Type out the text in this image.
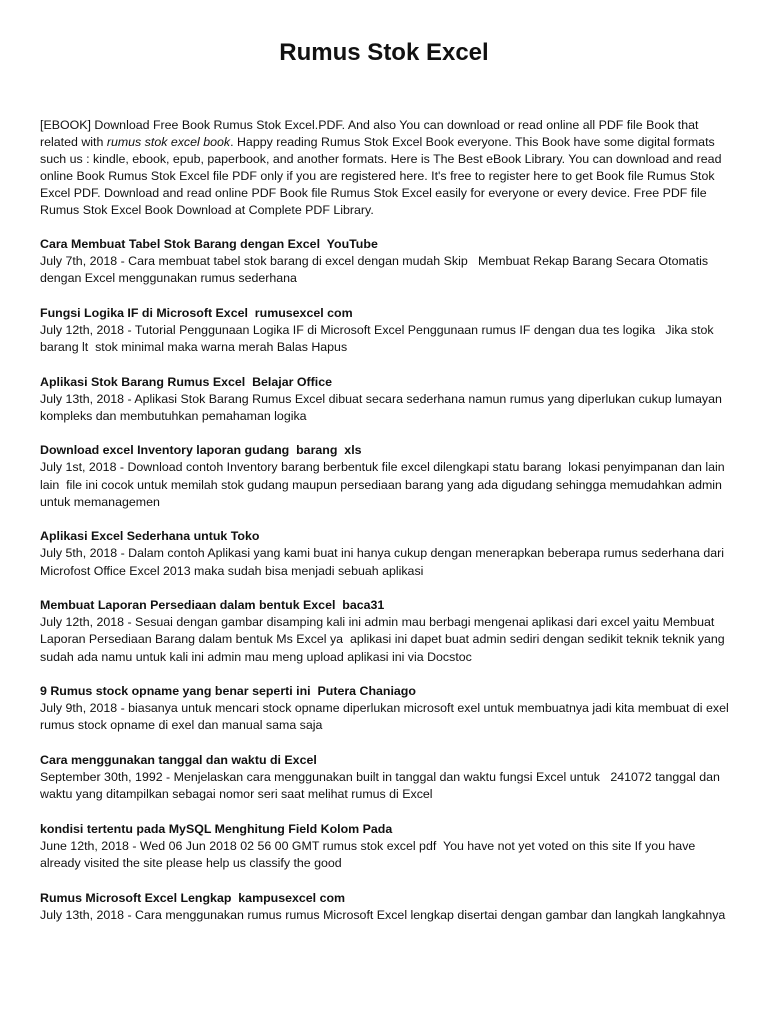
Rumus Stok Excel

[EBOOK] Download Free Book Rumus Stok Excel.PDF. And also You can download or read online all PDF file Book that related with rumus stok excel book. Happy reading Rumus Stok Excel Book everyone. This Book have some digital formats such us : kindle, ebook, epub, paperbook, and another formats. Here is The Best eBook Library. You can download and read online Book Rumus Stok Excel file PDF only if you are registered here. It's free to register here to get Book file Rumus Stok Excel PDF. Download and read online PDF Book file Rumus Stok Excel easily for everyone or every device. Free PDF file Rumus Stok Excel Book Download at Complete PDF Library.

Cara Membuat Tabel Stok Barang dengan Excel  YouTube

July 7th, 2018 - Cara membuat tabel stok barang di excel dengan mudah Skip   Membuat Rekap Barang Secara Otomatis dengan Excel menggunakan rumus sederhana

Fungsi Logika IF di Microsoft Excel  rumusexcel com

July 12th, 2018 - Tutorial Penggunaan Logika IF di Microsoft Excel Penggunaan rumus IF dengan dua tes logika   Jika stok barang lt  stok minimal maka warna merah Balas Hapus

Aplikasi Stok Barang Rumus Excel  Belajar Office

July 13th, 2018 - Aplikasi Stok Barang Rumus Excel dibuat secara sederhana namun rumus yang diperlukan cukup lumayan kompleks dan membutuhkan pemahaman logika

Download excel Inventory laporan gudang  barang  xls

July 1st, 2018 - Download contoh Inventory barang berbentuk file excel dilengkapi statu barang  lokasi penyimpanan dan lain lain  file ini cocok untuk memilah stok gudang maupun persediaan barang yang ada digudang sehingga memudahkan admin untuk memanagemen

Aplikasi Excel Sederhana untuk Toko

July 5th, 2018 - Dalam contoh Aplikasi yang kami buat ini hanya cukup dengan menerapkan beberapa rumus sederhana dari Microfost Office Excel 2013 maka sudah bisa menjadi sebuah aplikasi

Membuat Laporan Persediaan dalam bentuk Excel  baca31

July 12th, 2018 - Sesuai dengan gambar disamping kali ini admin mau berbagi mengenai aplikasi dari excel yaitu Membuat Laporan Persediaan Barang dalam bentuk Ms Excel ya  aplikasi ini dapet buat admin sediri dengan sedikit teknik teknik yang sudah ada namu untuk kali ini admin mau meng upload aplikasi ini via Docstoc

9 Rumus stock opname yang benar seperti ini  Putera Chaniago

July 9th, 2018 - biasanya untuk mencari stock opname diperlukan microsoft exel untuk membuatnya jadi kita membuat di exel rumus stock opname di exel dan manual sama saja

Cara menggunakan tanggal dan waktu di Excel

September 30th, 1992 - Menjelaskan cara menggunakan built in tanggal dan waktu fungsi Excel untuk   241072 tanggal dan waktu yang ditampilkan sebagai nomor seri saat melihat rumus di Excel

kondisi tertentu pada MySQL Menghitung Field Kolom Pada

June 12th, 2018 - Wed 06 Jun 2018 02 56 00 GMT rumus stok excel pdf  You have not yet voted on this site If you have already visited the site please help us classify the good

Rumus Microsoft Excel Lengkap  kampusexcel com

July 13th, 2018 - Cara menggunakan rumus rumus Microsoft Excel lengkap disertai dengan gambar dan langkah langkahnya
